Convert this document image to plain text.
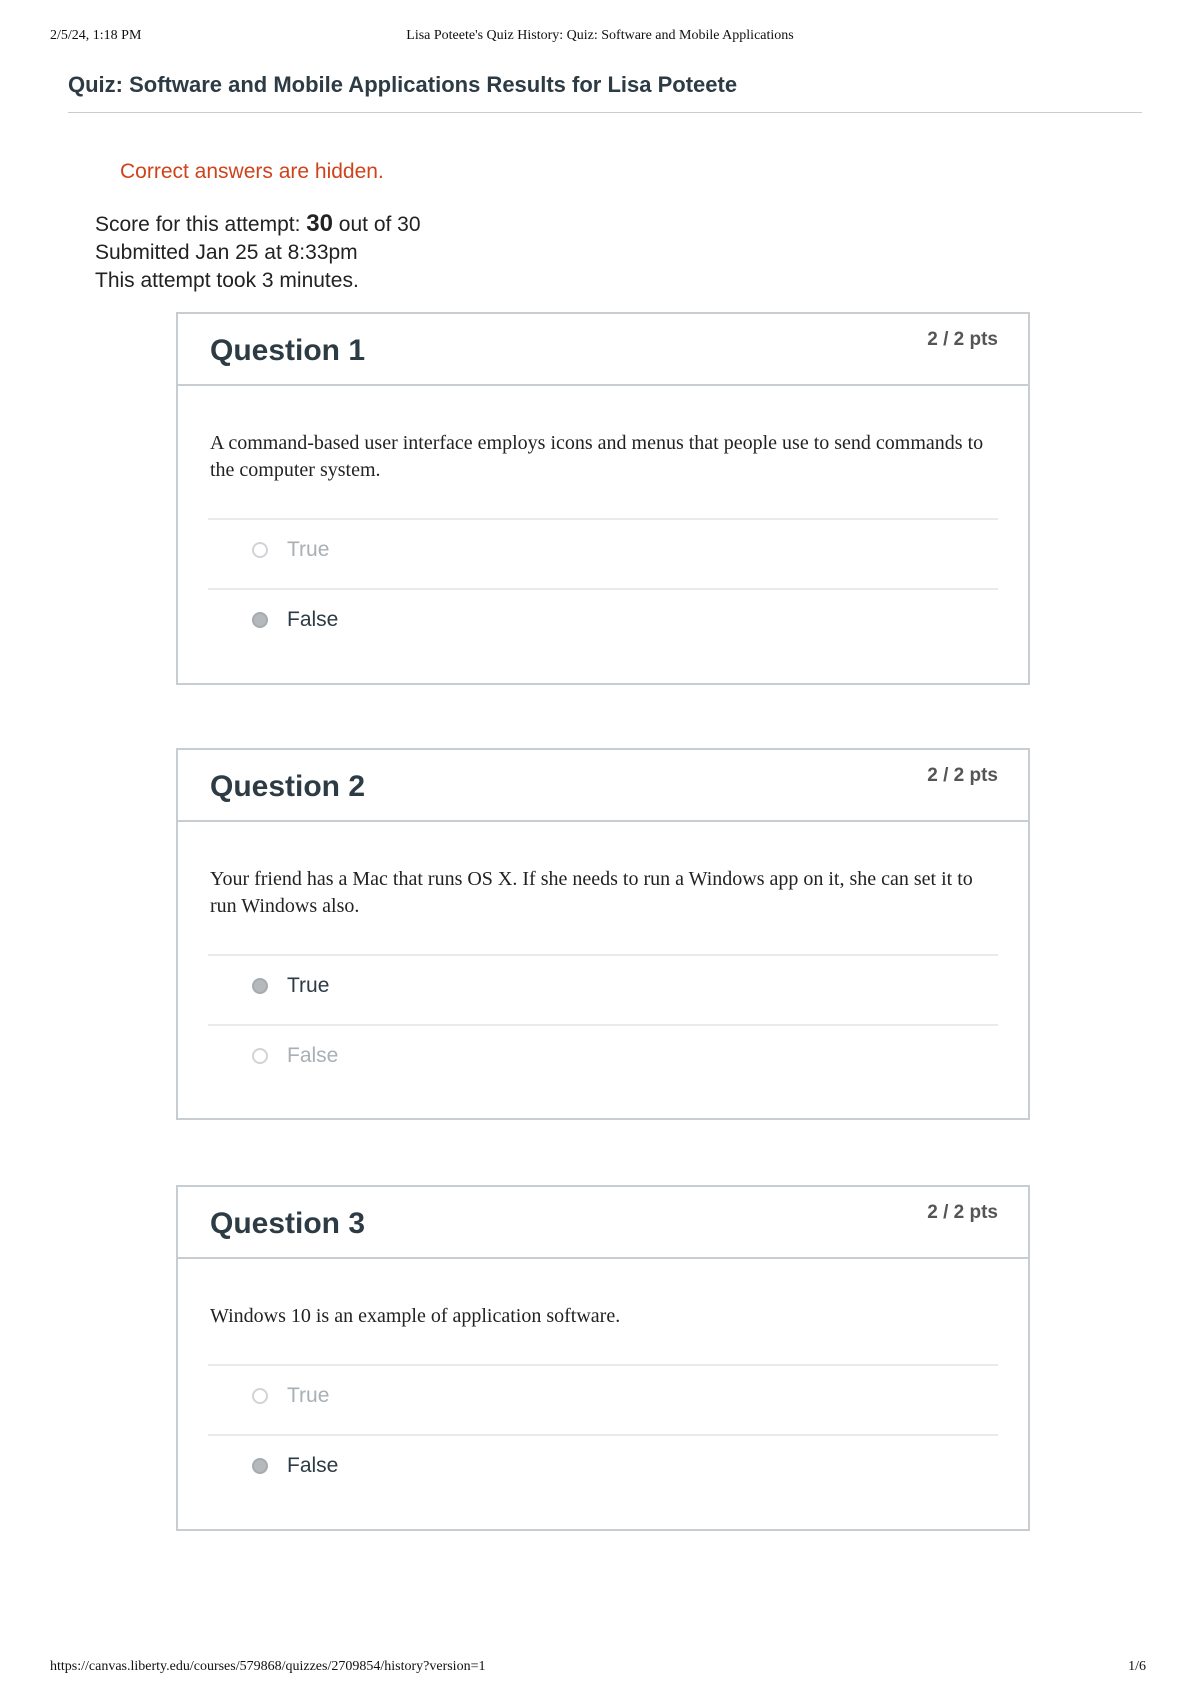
2/5/24, 1:18 PM	Lisa Poteete's Quiz History: Quiz: Software and Mobile Applications
Quiz: Software and Mobile Applications Results for Lisa Poteete
Correct answers are hidden.
Score for this attempt: 30 out of 30
Submitted Jan 25 at 8:33pm
This attempt took 3 minutes.
Question 1	2 / 2 pts

A command-based user interface employs icons and menus that people use to send commands to the computer system.

True
False
Question 2	2 / 2 pts

Your friend has a Mac that runs OS X. If she needs to run a Windows app on it, she can set it to run Windows also.

True
False
Question 3	2 / 2 pts

Windows 10 is an example of application software.

True
False
https://canvas.liberty.edu/courses/579868/quizzes/2709854/history?version=1	1/6
